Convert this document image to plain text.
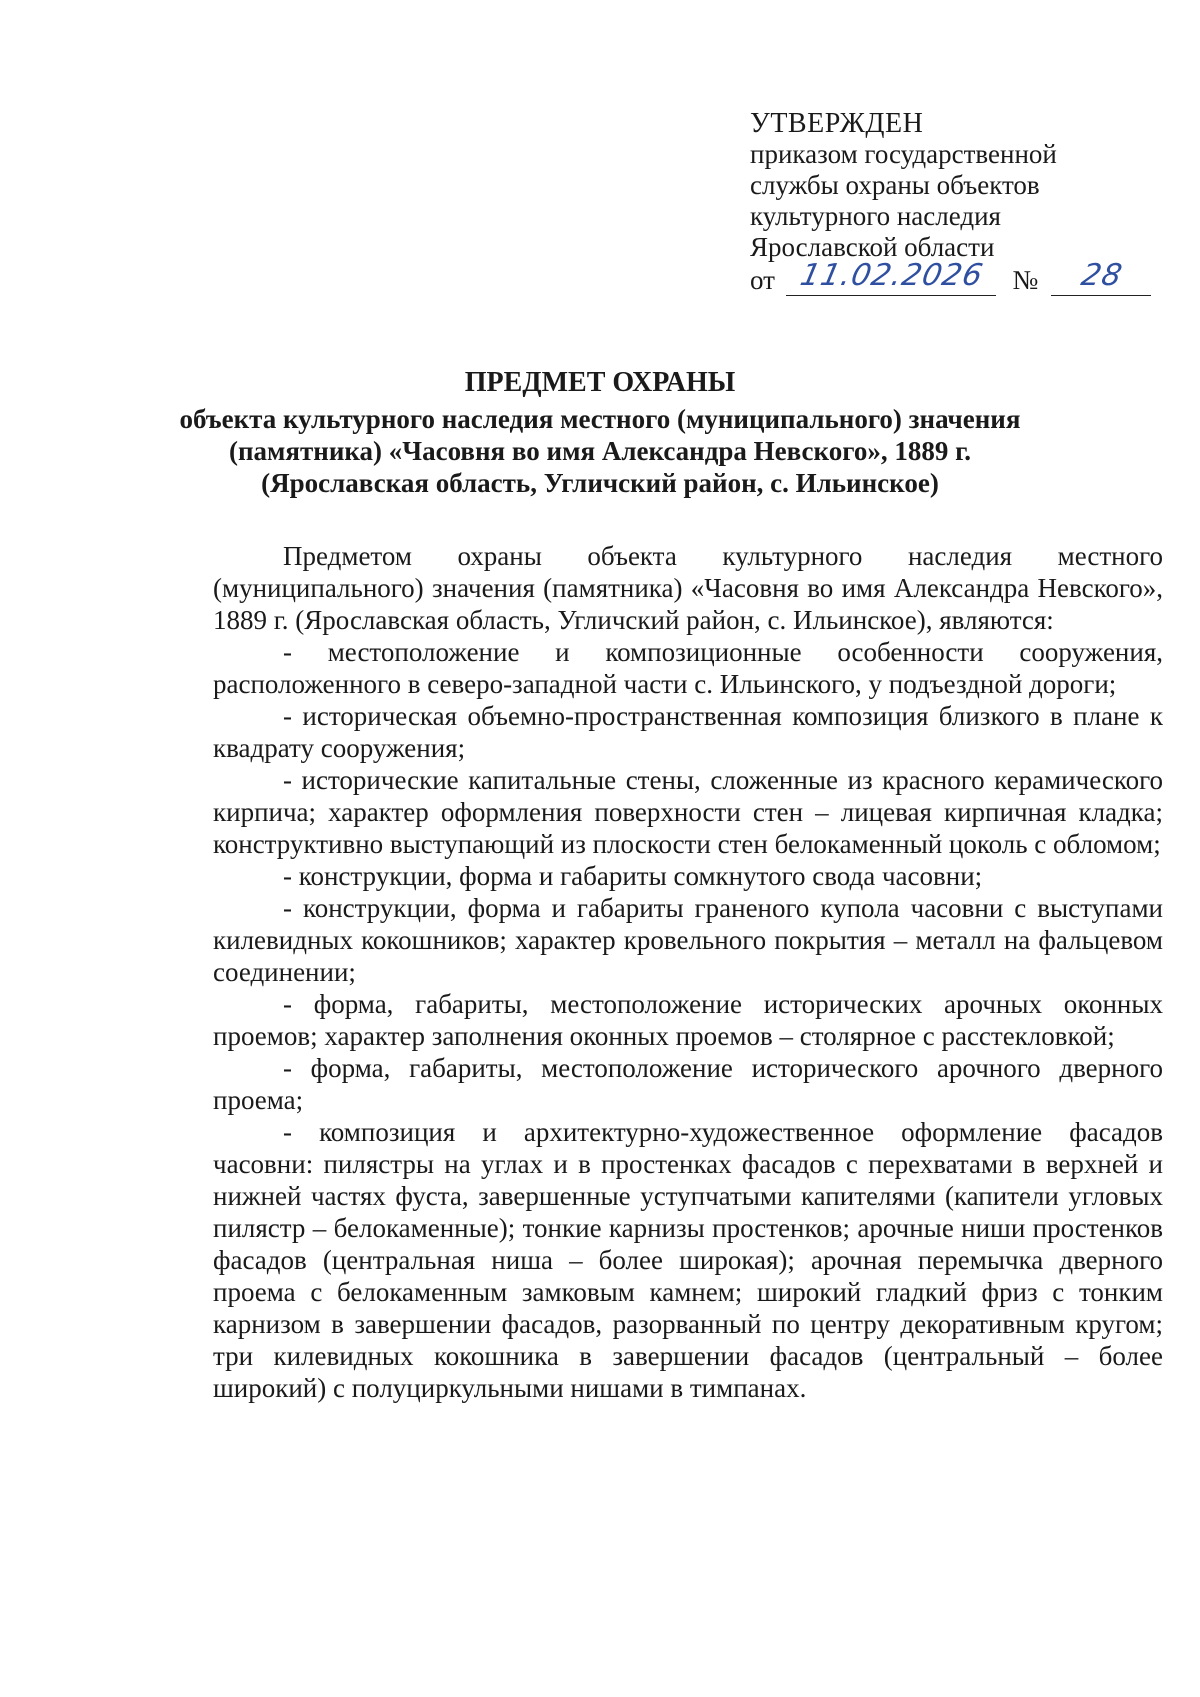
УТВЕРЖДЕН
приказом государственной
службы охраны объектов
культурного наследия
Ярославской области
от 11.02.2026 № 28
ПРЕДМЕТ ОХРАНЫ
объекта культурного наследия местного (муниципального) значения
(памятника) «Часовня во имя Александра Невского», 1889 г.
(Ярославская область, Угличский район, с. Ильинское)

Предметом охраны объекта культурного наследия местного (муниципального) значения (памятника) «Часовня во имя Александра Невского», 1889 г. (Ярославская область, Угличский район, с. Ильинское), являются:

- местоположение и композиционные особенности сооружения, расположенного в северо-западной части с. Ильинского, у подъездной дороги;

- историческая объемно-пространственная композиция близкого в плане к квадрату сооружения;

- исторические капитальные стены, сложенные из красного керамического кирпича; характер оформления поверхности стен – лицевая кирпичная кладка; конструктивно выступающий из плоскости стен белокаменный цоколь с обломом;

- конструкции, форма и габариты сомкнутого свода часовни;

- конструкции, форма и габариты граненого купола часовни с выступами килевидных кокошников; характер кровельного покрытия – металл на фальцевом соединении;

- форма, габариты, местоположение исторических арочных оконных проемов; характер заполнения оконных проемов – столярное с расстекловкой;

- форма, габариты, местоположение исторического арочного дверного проема;

- композиция и архитектурно-художественное оформление фасадов часовни: пилястры на углах и в простенках фасадов с перехватами в верхней и нижней частях фуста, завершенные уступчатыми капителями (капители угловых пилястр – белокаменные); тонкие карнизы простенков; арочные ниши простенков фасадов (центральная ниша – более широкая); арочная перемычка дверного проема с белокаменным замковым камнем; широкий гладкий фриз с тонким карнизом в завершении фасадов, разорванный по центру декоративным кругом; три килевидных кокошника в завершении фасадов (центральный – более широкий) с полуциркульными нишами в тимпанах.
